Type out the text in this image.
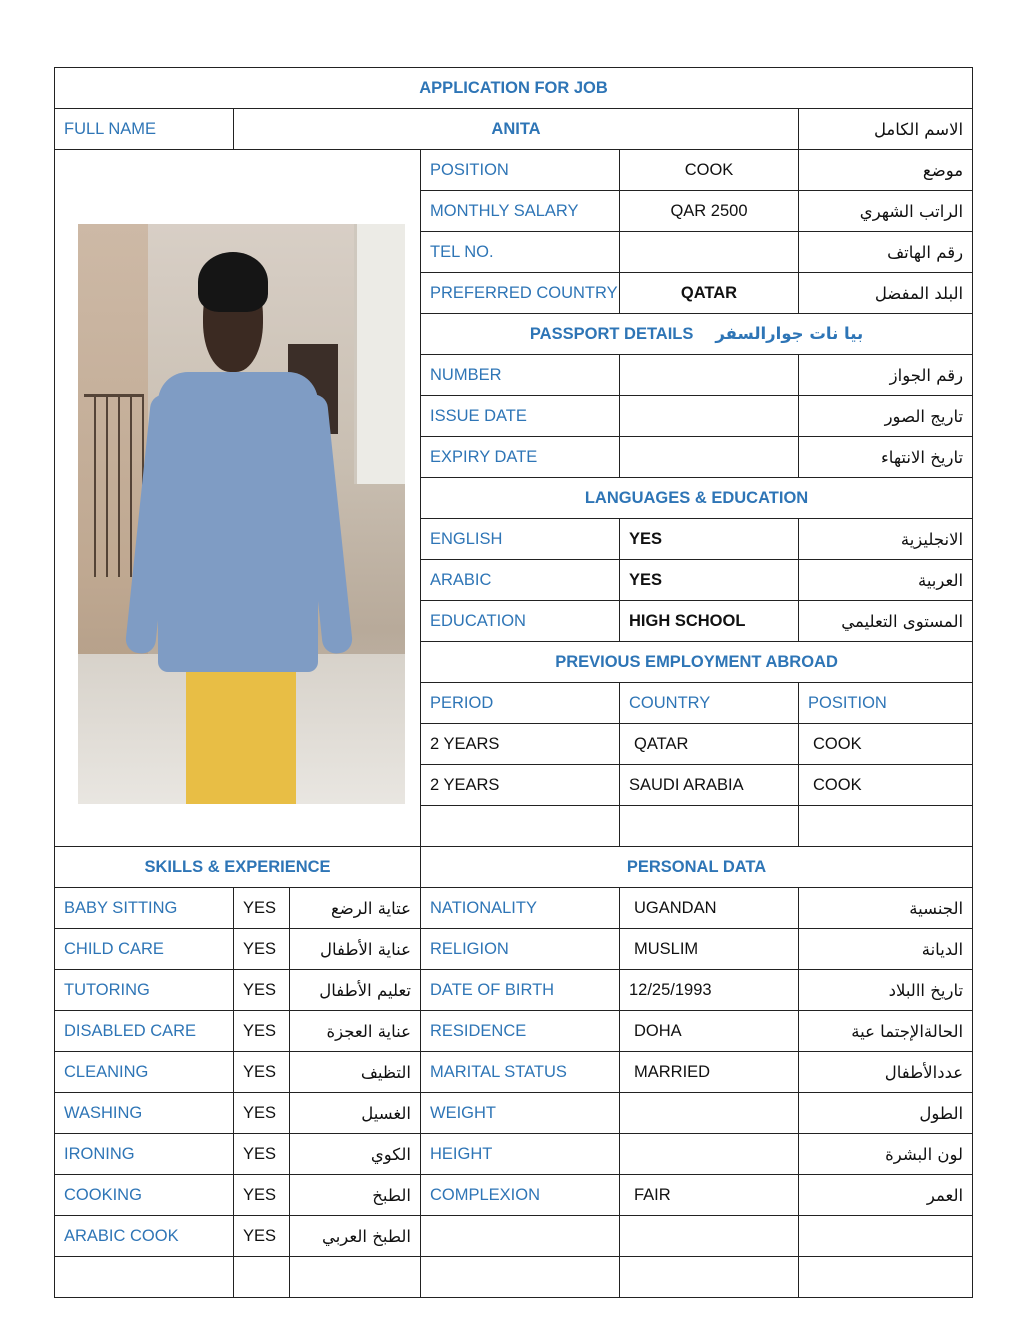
APPLICATION FOR JOB					
FULL NAME	ANITA				الاسم الكامل

			POSITION	COOK	موضع
			MONTHLY SALARY	QAR 2500	الراتب الشهري
			TEL NO.		رقم الهاتف
			PREFERRED COUNTRY	QATAR	البلد المفضل
			PASSPORT DETAILS بيا نات جوارالسفر		
			NUMBER		رقم الجواز
			ISSUE DATE		تاريج الصور
			EXPIRY DATE		تاريخ الانتهاء
			LANGUAGES & EDUCATION		
			ENGLISH	YES	الانجليزية
			ARABIC	YES	العربية
			EDUCATION	HIGH SCHOOL	المستوى التعليمي
			PREVIOUS EMPLOYMENT ABROAD		
			PERIOD	COUNTRY	POSITION
			2 YEARS	QATAR	COOK
			2 YEARS	SAUDI ARABIA	COOK

SKILLS & EXPERIENCE			PERSONAL DATA		
BABY SITTING	YES	عتاية الرضع	NATIONALITY	UGANDAN	الجنسية
CHILD CARE	YES	عناية الأطفال	RELIGION	MUSLIM	الديانة
TUTORING	YES	تعليم الأطفال	DATE OF BIRTH	12/25/1993	تاريخ االبلاد
DISABLED CARE	YES	عناية العجزة	RESIDENCE	DOHA	الحالةالإجتما عية
CLEANING	YES	التظيف	MARITAL STATUS	MARRIED	عددالأطفال
WASHING	YES	الغسيل	WEIGHT		الطول
IRONING	YES	الكوي	HEIGHT		لون البشرة
COOKING	YES	الطبخ	COMPLEXION	FAIR	العمر
ARABIC COOK	YES	الطبخ العربي			
